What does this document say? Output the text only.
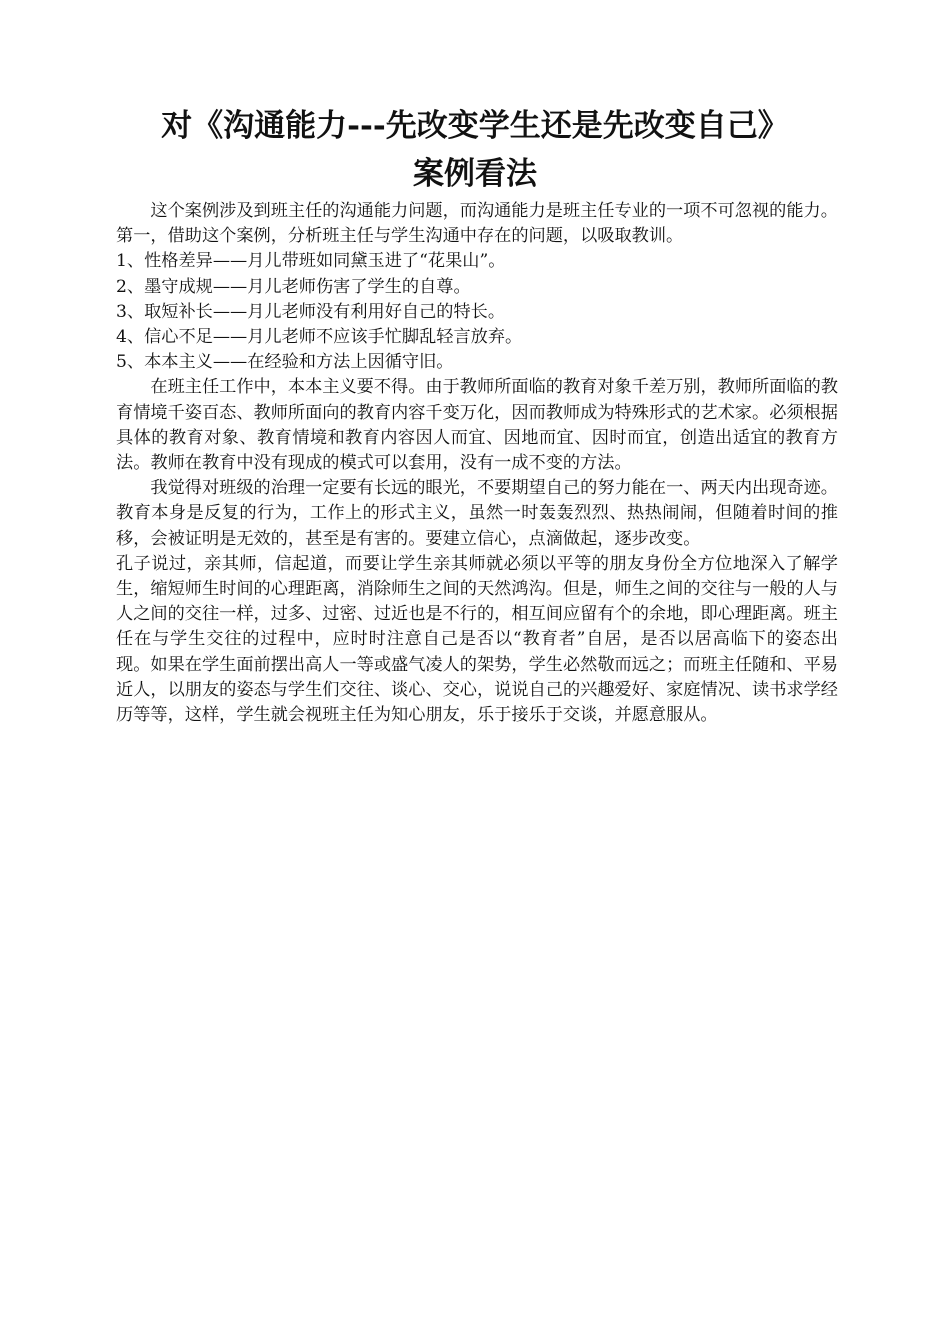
对《沟通能力---先改变学生还是先改变自己》
案例看法

　　这个案例涉及到班主任的沟通能力问题，而沟通能力是班主任专业的一项不可忽视的能力。

第一，借助这个案例，分析班主任与学生沟通中存在的问题，以吸取教训。

1、性格差异——月儿带班如同黛玉进了“花果山”。

2、墨守成规——月儿老师伤害了学生的自尊。

3、取短补长——月儿老师没有利用好自己的特长。

4、信心不足——月儿老师不应该手忙脚乱轻言放弃。

5、本本主义——在经验和方法上因循守旧。

　　在班主任工作中，本本主义要不得。由于教师所面临的教育对象千差万别，教师所面临的教育情境千姿百态、教师所面向的教育内容千变万化，因而教师成为特殊形式的艺术家。必须根据具体的教育对象、教育情境和教育内容因人而宜、因地而宜、因时而宜，创造出适宜的教育方法。教师在教育中没有现成的模式可以套用，没有一成不变的方法。

　　我觉得对班级的治理一定要有长远的眼光，不要期望自己的努力能在一、两天内出现奇迹。教育本身是反复的行为，工作上的形式主义，虽然一时轰轰烈烈、热热闹闹，但随着时间的推移，会被证明是无效的，甚至是有害的。要建立信心，点滴做起，逐步改变。

孔子说过，亲其师，信起道，而要让学生亲其师就必须以平等的朋友身份全方位地深入了解学生，缩短师生时间的心理距离，消除师生之间的天然鸿沟。但是，师生之间的交往与一般的人与人之间的交往一样，过多、过密、过近也是不行的，相互间应留有个的余地，即心理距离。班主任在与学生交往的过程中，应时时注意自己是否以“教育者”自居，是否以居高临下的姿态出现。如果在学生面前摆出高人一等或盛气凌人的架势，学生必然敬而远之；而班主任随和、平易近人，以朋友的姿态与学生们交往、谈心、交心，说说自己的兴趣爱好、家庭情况、读书求学经历等等，这样，学生就会视班主任为知心朋友，乐于接乐于交谈，并愿意服从。
